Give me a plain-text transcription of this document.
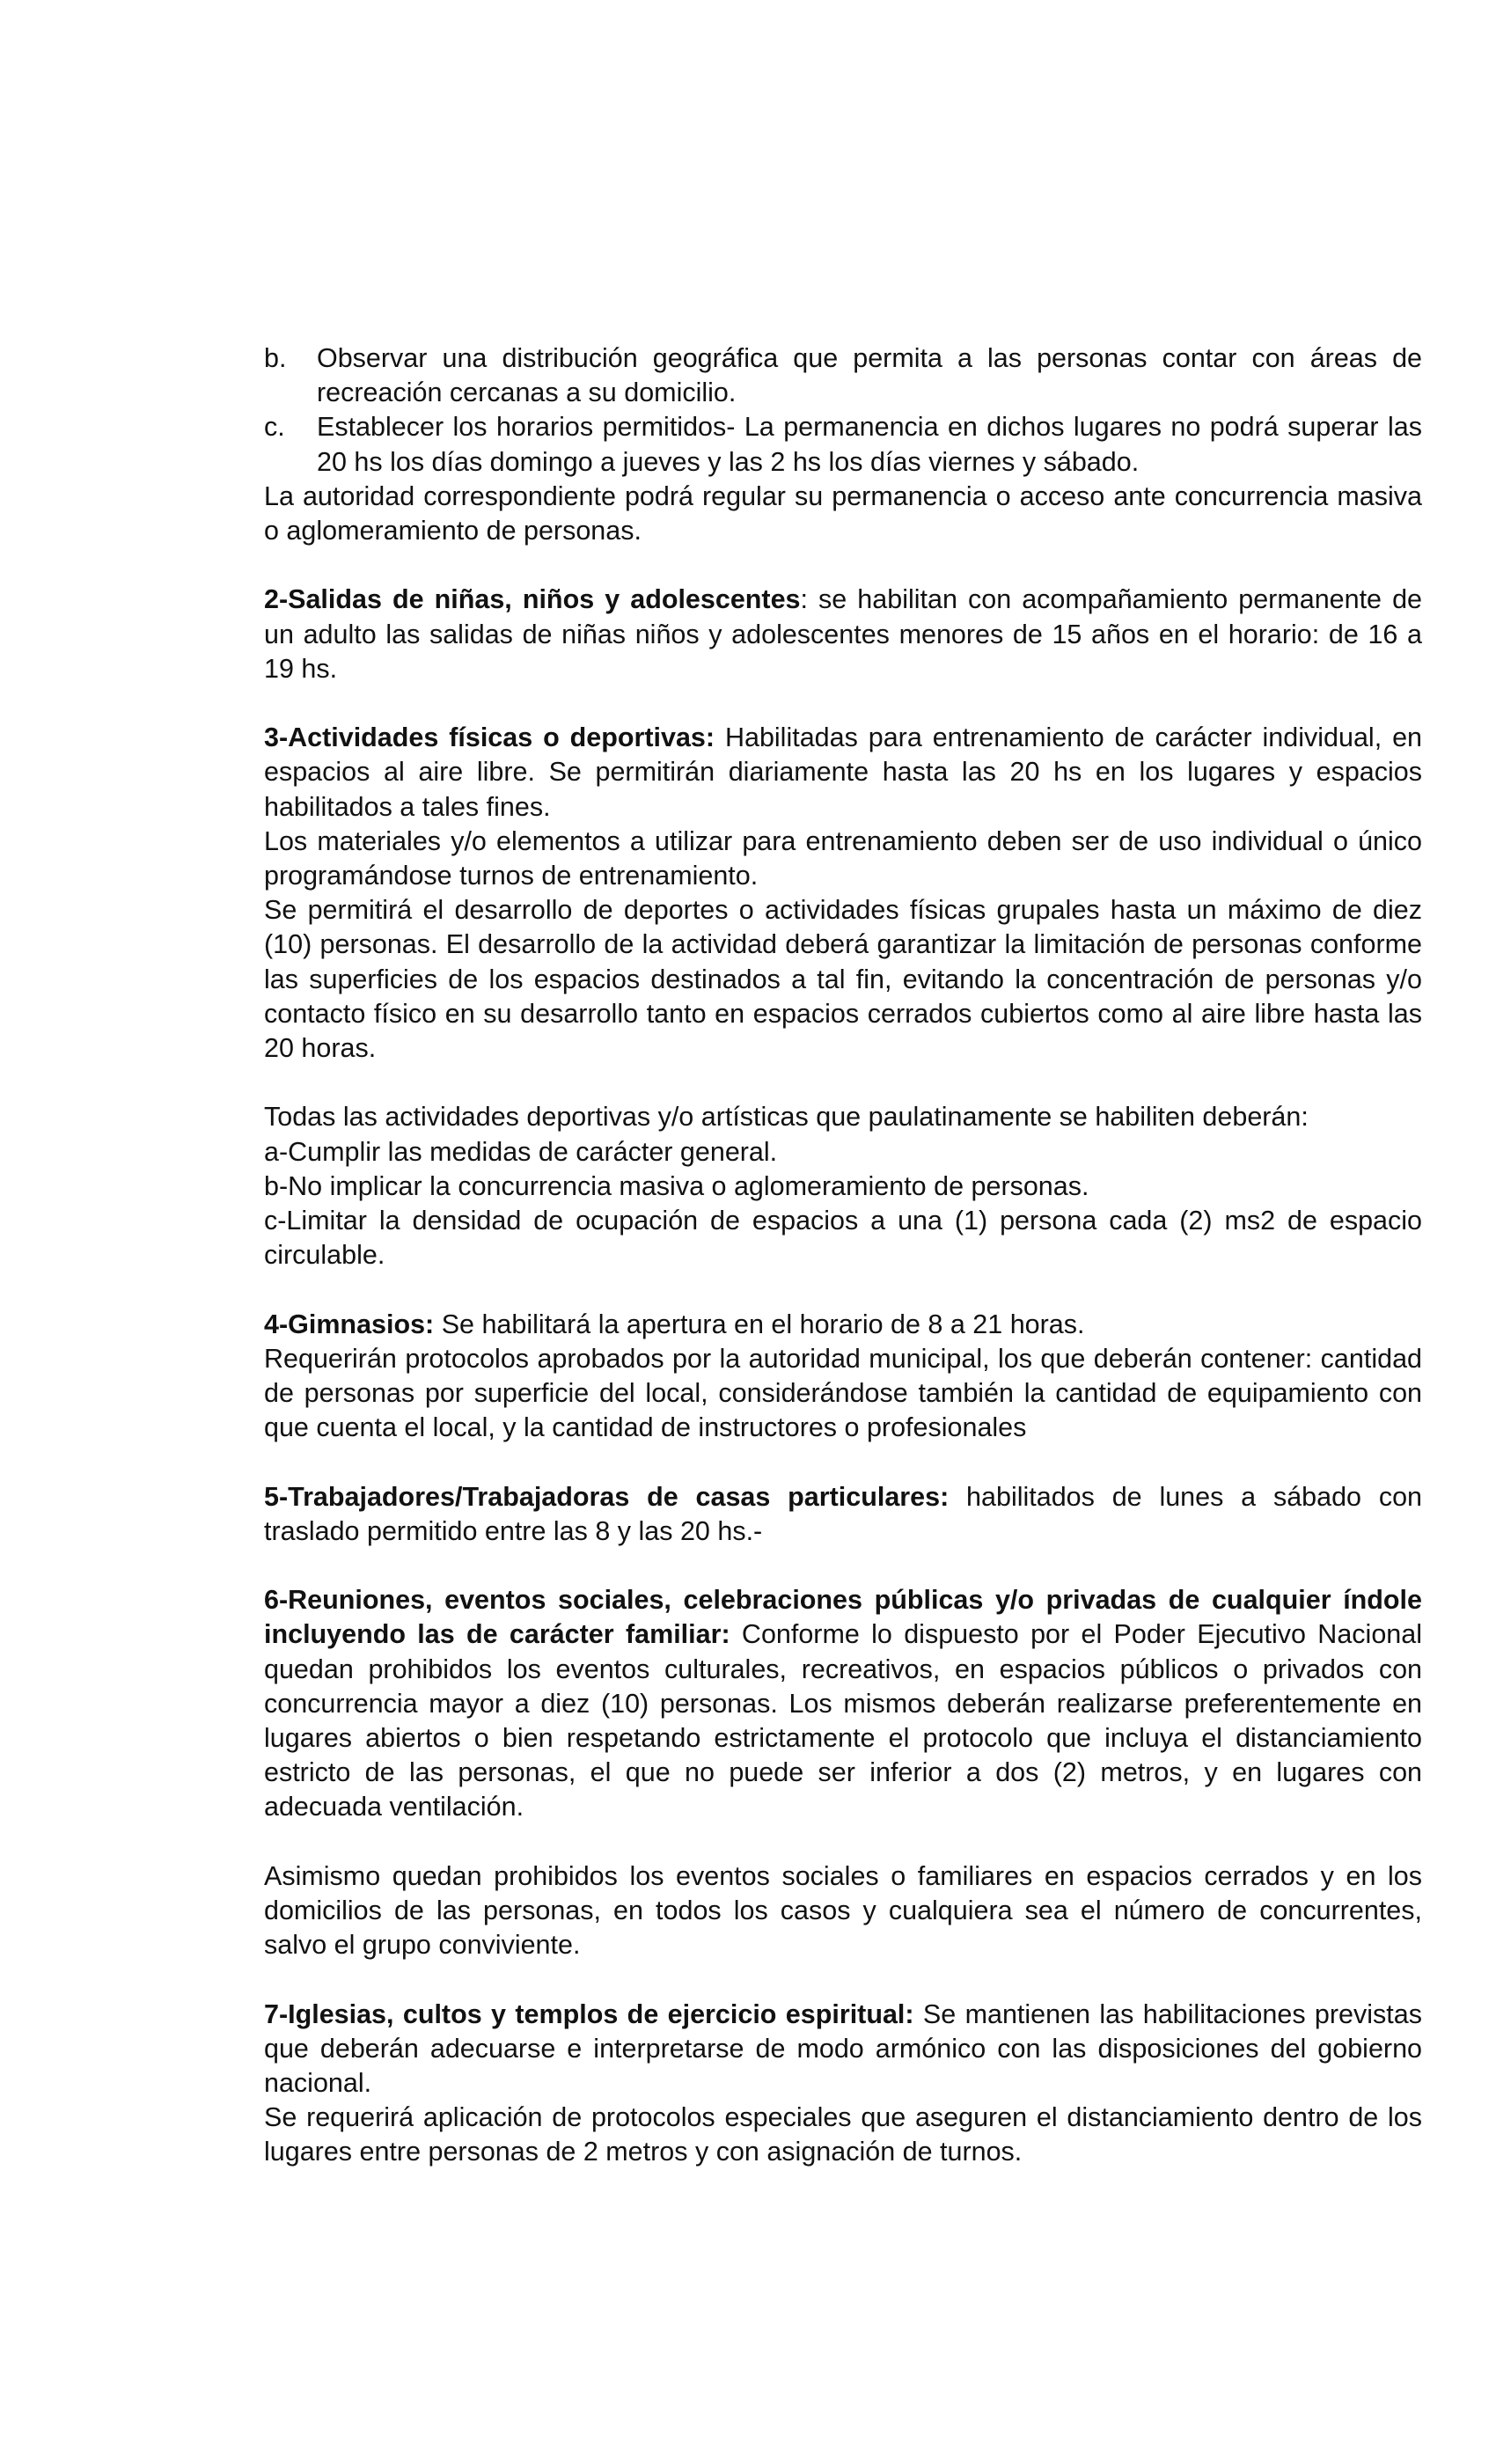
b. Observar una distribución geográfica que permita a las personas contar con áreas de recreación cercanas a su domicilio.
c. Establecer los horarios permitidos- La permanencia en dichos lugares no podrá superar las 20 hs los días domingo a jueves y las 2 hs los días viernes y sábado.

La autoridad correspondiente podrá regular su permanencia o acceso ante concurrencia masiva o aglomeramiento de personas.

2-Salidas de niñas, niños y adolescentes: se habilitan con acompañamiento permanente de un adulto las salidas de niñas niños y adolescentes menores de 15 años en el horario: de 16 a 19 hs.

3-Actividades físicas o deportivas: Habilitadas para entrenamiento de carácter individual, en espacios al aire libre. Se permitirán diariamente hasta las 20 hs en los lugares y espacios habilitados a tales fines.

Los materiales y/o elementos a utilizar para entrenamiento deben ser de uso individual o único programándose turnos de entrenamiento.

Se permitirá el desarrollo de deportes o actividades físicas grupales hasta un máximo de diez (10) personas. El desarrollo de la actividad deberá garantizar la limitación de personas conforme las superficies de los espacios destinados a tal fin, evitando la concentración de personas y/o contacto físico en su desarrollo tanto en espacios cerrados cubiertos como al aire libre hasta las 20 horas.

Todas las actividades deportivas y/o artísticas que paulatinamente se habiliten deberán:

a-Cumplir las medidas de carácter general.

b-No implicar la concurrencia masiva o aglomeramiento de personas.

c-Limitar la densidad de ocupación de espacios a una (1) persona cada (2) ms2 de espacio circulable.

4-Gimnasios: Se habilitará la apertura en el horario de 8 a 21 horas.

Requerirán protocolos aprobados por la autoridad municipal, los que deberán contener: cantidad de personas por superficie del local, considerándose también la cantidad de equipamiento con que cuenta el local, y la cantidad de instructores o profesionales

5-Trabajadores/Trabajadoras de casas particulares: habilitados de lunes a sábado con traslado permitido entre las 8 y las 20 hs.-

6-Reuniones, eventos sociales, celebraciones públicas y/o privadas de cualquier índole incluyendo las de carácter familiar: Conforme lo dispuesto por el Poder Ejecutivo Nacional quedan prohibidos los eventos culturales, recreativos, en espacios públicos o privados con concurrencia mayor a diez (10) personas. Los mismos deberán realizarse preferentemente en lugares abiertos o bien respetando estrictamente el protocolo que incluya el distanciamiento estricto de las personas, el que no puede ser inferior a dos (2) metros, y en lugares con adecuada ventilación.

Asimismo quedan prohibidos los eventos sociales o familiares en espacios cerrados y en los domicilios de las personas, en todos los casos y cualquiera sea el número de concurrentes, salvo el grupo conviviente.

7-Iglesias, cultos y templos de ejercicio espiritual: Se mantienen las habilitaciones previstas que deberán adecuarse e interpretarse de modo armónico con las disposiciones del gobierno nacional.

Se requerirá aplicación de protocolos especiales que aseguren el distanciamiento dentro de los lugares entre personas de 2 metros y con asignación de turnos.
